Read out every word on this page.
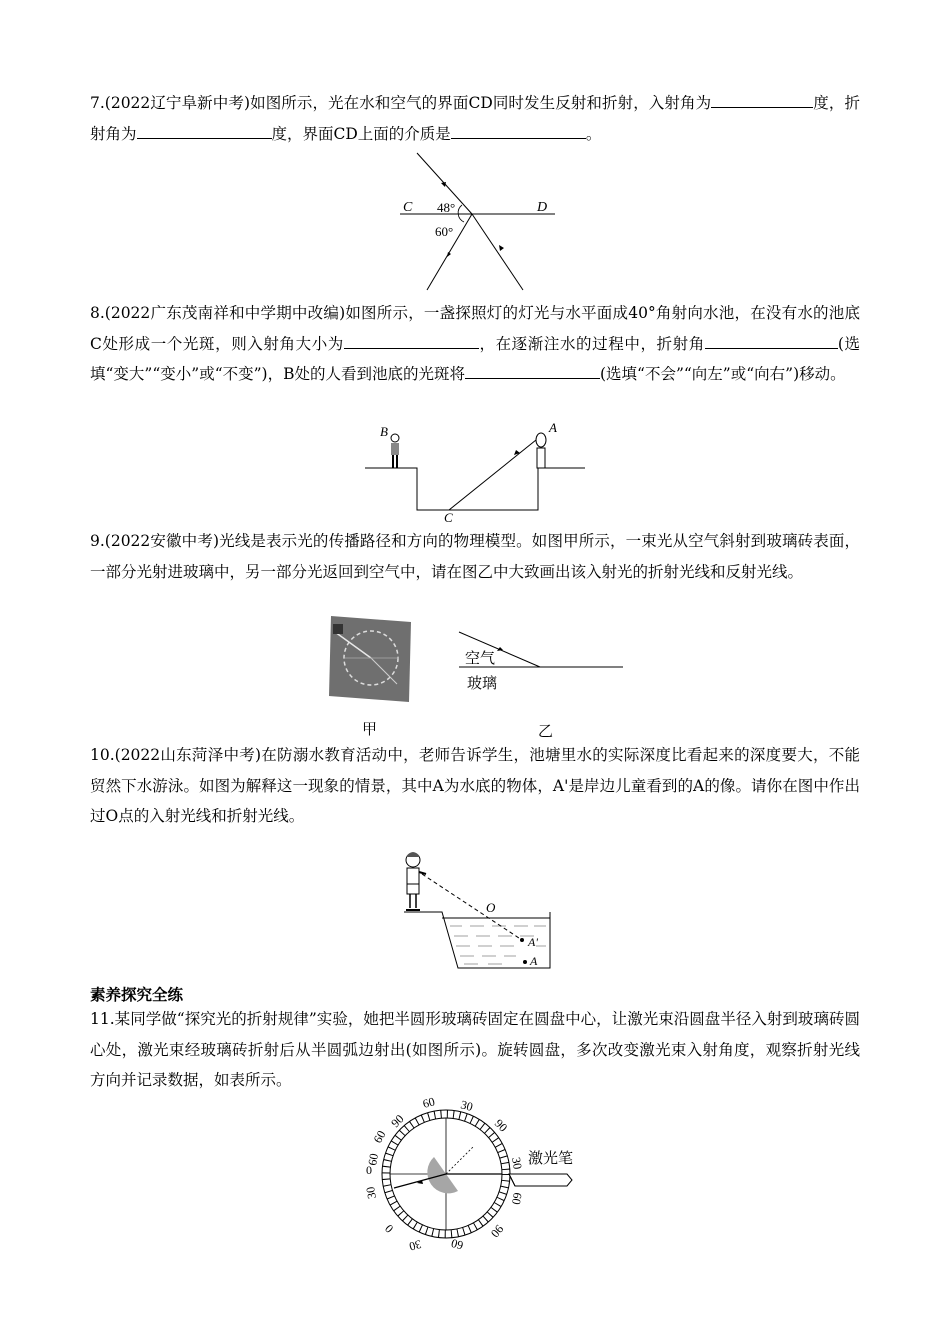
7.(2022辽宁阜新中考)如图所示，光在水和空气的界面CD同时发生反射和折射，入射角为	度，折射角为	度，界面CD上面的介质是	。
C	D
48°
60°
8.(2022广东茂南祥和中学期中改编)如图所示，一盏探照灯的灯光与水平面成40°角射向水池，在没有水的池底C处形成一个光斑，则入射角大小为	，在逐渐注水的过程中，折射角	(选填“变大”“变小”或“不变”)，B处的人看到池底的光斑将	(选填“不会”“向左”或“向右”)移动。
B	A
C
9.(2022安徽中考)光线是表示光的传播路径和方向的物理模型。如图甲所示，一束光从空气斜射到玻璃砖表面，一部分光射进玻璃中，另一部分光返回到空气中，请在图乙中大致画出该入射光的折射光线和反射光线。
空气
玻璃
甲	乙
10.(2022山东菏泽中考)在防溺水教育活动中，老师告诉学生，池塘里水的实际深度比看起来的深度要大，不能贸然下水游泳。如图为解释这一现象的情景，其中A为水底的物体，A'是岸边儿童看到的A的像。请你在图中作出过O点的入射光线和折射光线。
O
A'
A
素养探究全练
11.某同学做“探究光的折射规律”实验，她把半圆形玻璃砖固定在圆盘中心，让激光束沿圆盘半径入射到玻璃砖圆心处，激光束经玻璃砖折射后从半圆弧边射出(如图所示)。旋转圆盘，多次改变激光束入射角度，观察折射光线方向并记录数据，如表所示。
激光笔
90
60
60 30
60
30
0
30 60
90
60
30
90
0
